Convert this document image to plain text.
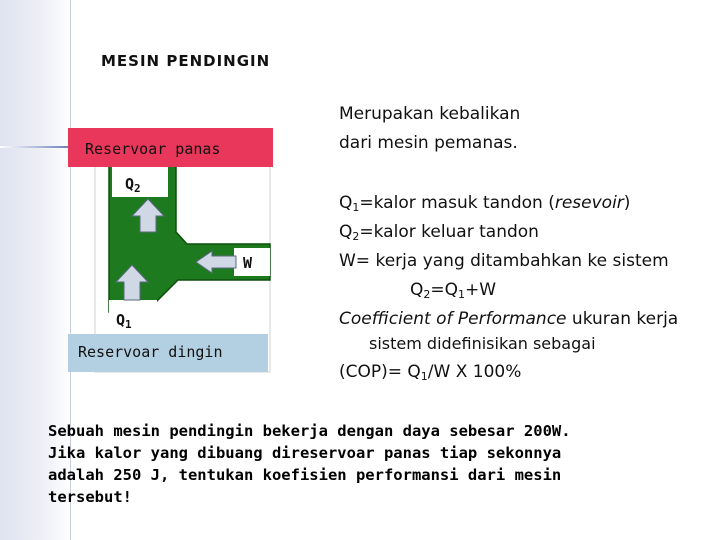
MESIN PENDINGIN
Reservoar panas
Reservoar dingin
$Q_2$
$Q_1$
W
Merupakan kebalikan
dari mesin pemanas.
$Q_1=kalor$ masuk tandon (resevoir)
$Q_2=kalor$ keluar tandon
W= kerja yang ditambahkan ke sistem
$Q_2=Q_1+W$
Coefficient of Performance ukuran kerja
sistem didefinisikan sebagai
$(COP)= Q_1/W$ X 100%
Sebuah mesin pendingin bekerja dengan daya sebesar 200W.
Jika kalor yang dibuang direservoar panas tiap sekonnya
adalah 250 J, tentukan koefisien performansi dari mesin
tersebut!
